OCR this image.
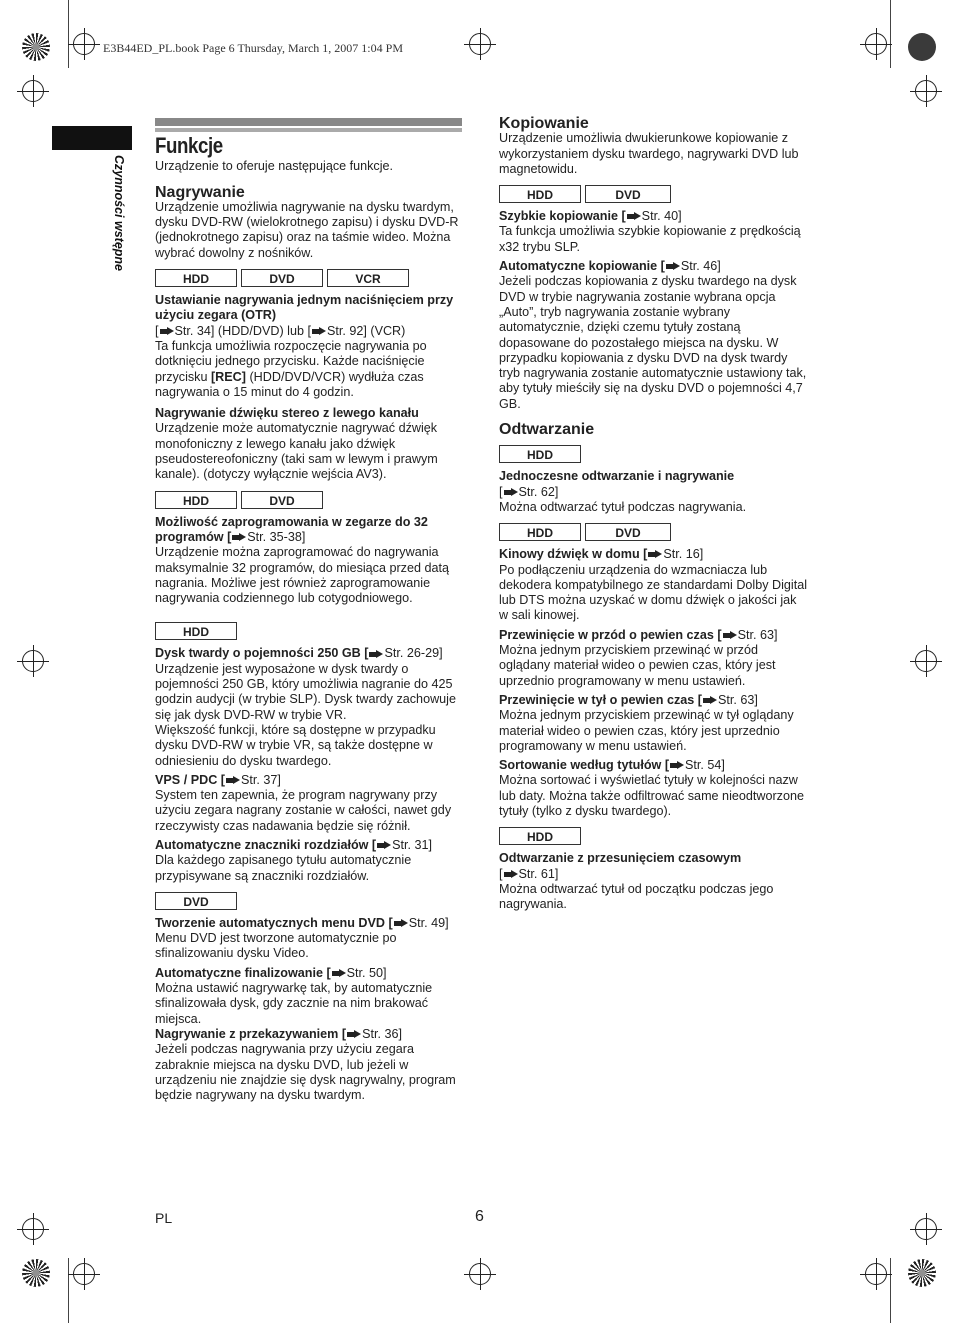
E3B44ED_PL.book Page 6 Thursday, March 1, 2007 1:04 PM
Czynności wstępne

Funkcje

Urządzenie to oferuje następujące funkcje.

Nagrywanie

Urządzenie umożliwia nagrywanie na dysku twardym, dysku DVD-RW (wielokrotnego zapisu) i dysku DVD-R (jednokrotnego zapisu) oraz na taśmie wideo. Można wybrać dowolny z nośników.

HDD	DVD	VCR

Ustawianie nagrywania jednym naciśnięciem przy użyciu zegara (OTR)

[ Str. 34] (HDD/DVD) lub [ Str. 92] (VCR)

Ta funkcja umożliwia rozpoczęcie nagrywania po dotknięciu jednego przycisku. Każde naciśnięcie przycisku [REC] (HDD/DVD/VCR) wydłuża czas nagrywania o 15 minut do 4 godzin.

Nagrywanie dźwięku stereo z lewego kanału

Urządzenie może automatycznie nagrywać dźwięk monofoniczny z lewego kanału jako dźwięk pseudostereofoniczny (taki sam w lewym i prawym kanale). (dotyczy wyłącznie wejścia AV3).

HDD	DVD

Możliwość zaprogramowania w zegarze do 32 programów [ Str. 35-38]

Urządzenie można zaprogramować do nagrywania maksymalnie 32 programów, do miesiąca przed datą nagrania. Możliwe jest również zaprogramowanie nagrywania codziennego lub cotygodniowego.

HDD

Dysk twardy o pojemności 250 GB [ Str. 26-29]

Urządzenie jest wyposażone w dysk twardy o pojemności 250 GB, który umożliwia nagranie do 425 godzin audycji (w trybie SLP). Dysk twardy zachowuje się jak dysk DVD-RW w trybie VR.

Większość funkcji, które są dostępne w przypadku dysku DVD-RW w trybie VR, są także dostępne w odniesieniu do dysku twardego.

VPS / PDC [ Str. 37]

System ten zapewnia, że program nagrywany przy użyciu zegara nagrany zostanie w całości, nawet gdy rzeczywisty czas nadawania będzie się różnił.

Automatyczne znaczniki rozdziałów [ Str. 31]

Dla każdego zapisanego tytułu automatycznie przypisywane są znaczniki rozdziałów.

DVD

Tworzenie automatycznych menu DVD [ Str. 49]

Menu DVD jest tworzone automatycznie po sfinalizowaniu dysku Video.

Automatyczne finalizowanie [ Str. 50]

Można ustawić nagrywarkę tak, by automatycznie sfinalizowała dysk, gdy zacznie na nim brakować miejsca.

Nagrywanie z przekazywaniem [ Str. 36]

Jeżeli podczas nagrywania przy użyciu zegara zabraknie miejsca na dysku DVD, lub jeżeli w urządzeniu nie znajdzie się dysk nagrywalny, program będzie nagrywany na dysku twardym.

Kopiowanie

Urządzenie umożliwia dwukierunkowe kopiowanie z wykorzystaniem dysku twardego, nagrywarki DVD lub magnetowidu.

HDD	DVD

Szybkie kopiowanie [ Str. 40]

Ta funkcja umożliwia szybkie kopiowanie z prędkością x32 trybu SLP.

Automatyczne kopiowanie [ Str. 46]

Jeżeli podczas kopiowania z dysku twardego na dysk DVD w trybie nagrywania zostanie wybrana opcja „Auto”, tryb nagrywania zostanie wybrany automatycznie, dzięki czemu tytuły zostaną dopasowane do pozostałego miejsca na dysku. W przypadku kopiowania z dysku DVD na dysk twardy tryb nagrywania zostanie automatycznie ustawiony tak, aby tytuły mieściły się na dysku DVD o pojemności 4,7 GB.

Odtwarzanie

HDD

Jednoczesne odtwarzanie i nagrywanie

[ Str. 62]

Można odtwarzać tytuł podczas nagrywania.

HDD	DVD

Kinowy dźwięk w domu [ Str. 16]

Po podłączeniu urządzenia do wzmacniacza lub dekodera kompatybilnego ze standardami Dolby Digital lub DTS można uzyskać w domu dźwięk o jakości jak w sali kinowej.

Przewinięcie w przód o pewien czas [ Str. 63]

Można jednym przyciskiem przewinąć w przód oglądany materiał wideo o pewien czas, który jest uprzednio programowany w menu ustawień.

Przewinięcie w tył o pewien czas [ Str. 63]

Można jednym przyciskiem przewinąć w tył oglądany materiał wideo o pewien czas, który jest uprzednio programowany w menu ustawień.

Sortowanie według tytułów [ Str. 54]

Można sortować i wyświetlać tytuły w kolejności nazw lub daty. Można także odfiltrować same nieodtworzone tytuły (tylko z dysku twardego).

HDD

Odtwarzanie z przesunięciem czasowym

[ Str. 61]

Można odtwarzać tytuł od początku podczas jego nagrywania.

PL	6
